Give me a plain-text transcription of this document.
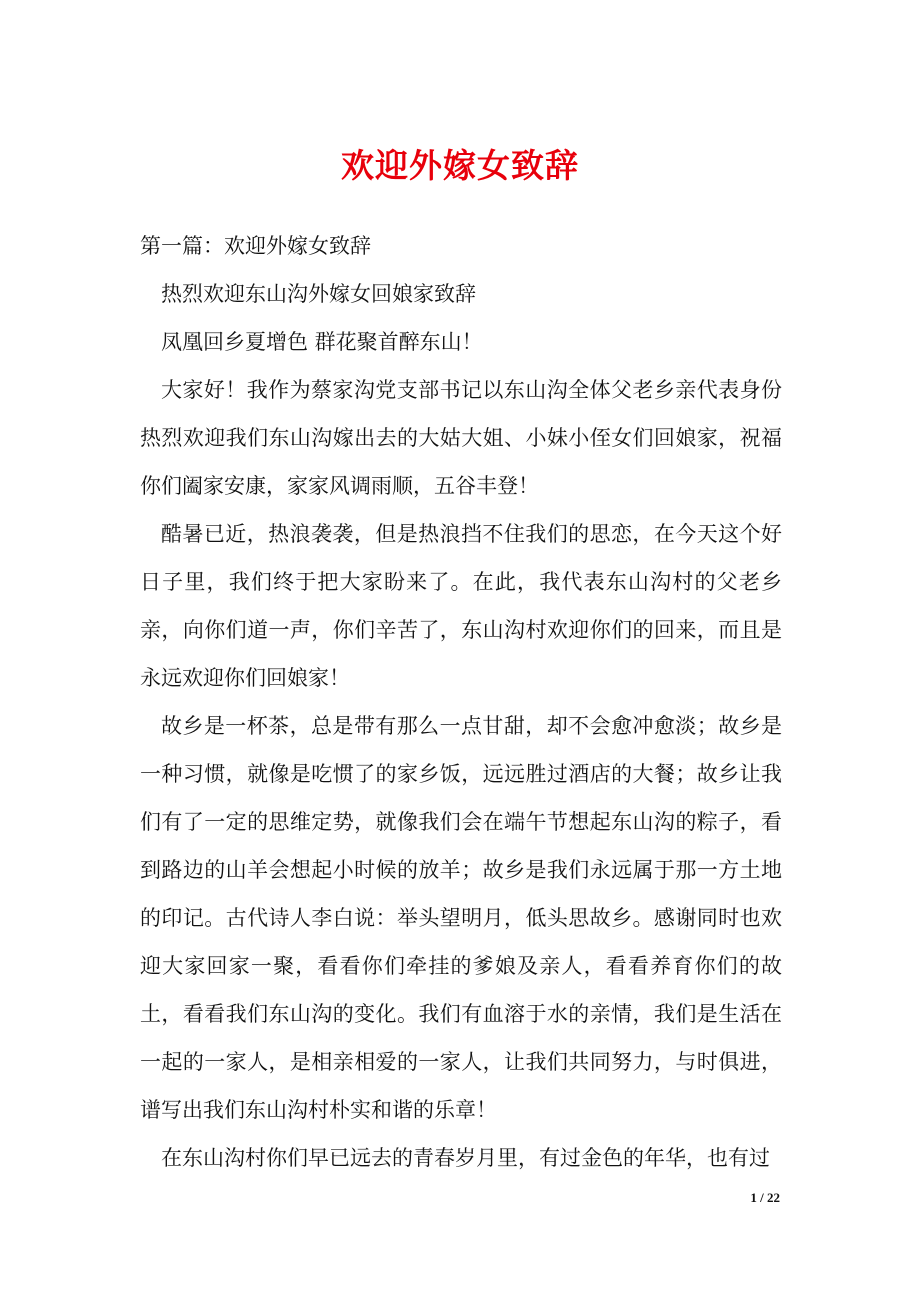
欢迎外嫁女致辞

第一篇：欢迎外嫁女致辞

热烈欢迎东山沟外嫁女回娘家致辞

凤凰回乡夏增色 群花聚首醉东山！

大家好！我作为蔡家沟党支部书记以东山沟全体父老乡亲代表身份热烈欢迎我们东山沟嫁出去的大姑大姐、小妹小侄女们回娘家，祝福你们阖家安康，家家风调雨顺，五谷丰登！

酷暑已近，热浪袭袭，但是热浪挡不住我们的思恋，在今天这个好日子里，我们终于把大家盼来了。在此，我代表东山沟村的父老乡亲，向你们道一声，你们辛苦了，东山沟村欢迎你们的回来，而且是永远欢迎你们回娘家！

故乡是一杯茶，总是带有那么一点甘甜，却不会愈冲愈淡；故乡是一种习惯，就像是吃惯了的家乡饭，远远胜过酒店的大餐；故乡让我们有了一定的思维定势，就像我们会在端午节想起东山沟的粽子，看到路边的山羊会想起小时候的放羊；故乡是我们永远属于那一方土地的印记。古代诗人李白说：举头望明月，低头思故乡。感谢同时也欢迎大家回家一聚，看看你们牵挂的爹娘及亲人，看看养育你们的故土，看看我们东山沟的变化。我们有血溶于水的亲情，我们是生活在一起的一家人，是相亲相爱的一家人，让我们共同努力，与时俱进， 谱写出我们东山沟村朴实和谐的乐章！

在东山沟村你们早已远去的青春岁月里，有过金色的年华，也有过

1 / 22
